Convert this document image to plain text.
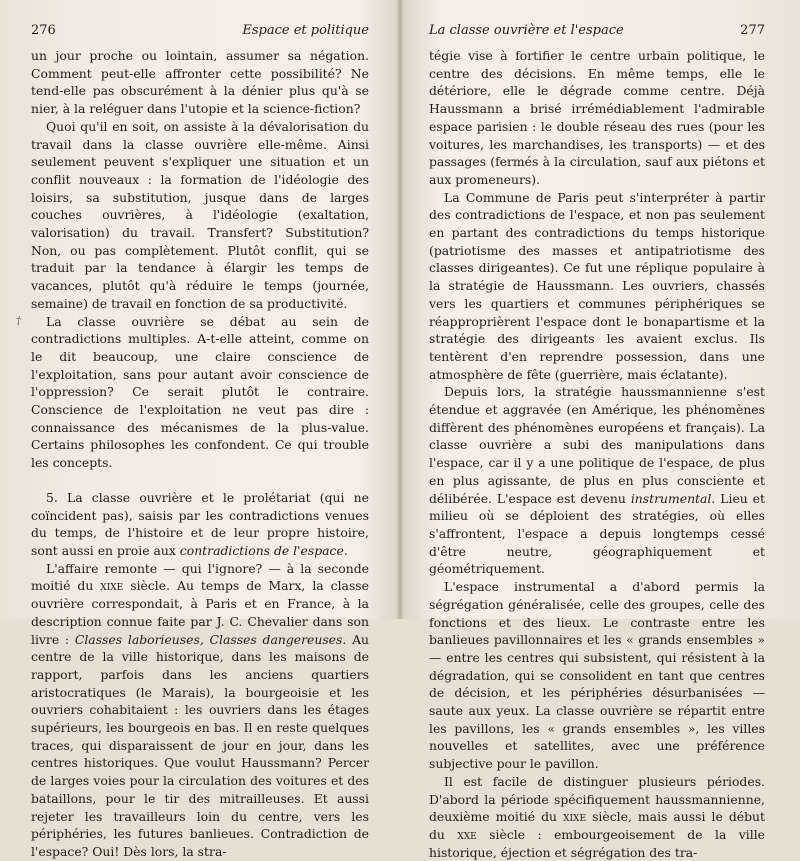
276	Espace et politique

un jour proche ou lointain, assumer sa négation. Comment peut-elle affronter cette possibilité? Ne tend-elle pas obscurément à la dénier plus qu'à se nier, à la reléguer dans l'utopie et la science-fiction?

Quoi qu'il en soit, on assiste à la dévalorisation du travail dans la classe ouvrière elle-même. Ainsi seulement peuvent s'expliquer une situation et un conflit nouveaux : la formation de l'idéologie des loisirs, sa substitution, jusque dans de larges couches ouvrières, à l'idéologie (exaltation, valorisation) du travail. Transfert? Substitution? Non, ou pas complètement. Plutôt conflit, qui se traduit par la tendance à élargir les temps de vacances, plutôt qu'à réduire le temps (journée, semaine) de travail en fonction de sa productivité.

La classe ouvrière se débat au sein de contradictions multiples. A-t-elle atteint, comme on le dit beaucoup, une claire conscience de l'exploitation, sans pour autant avoir conscience de l'oppression? Ce serait plutôt le contraire. Conscience de l'exploitation ne veut pas dire : connaissance des mécanismes de la plus-value. Certains philosophes les confondent. Ce qui trouble les concepts.

5. La classe ouvrière et le prolétariat (qui ne coïncident pas), saisis par les contradictions venues du temps, de l'histoire et de leur propre histoire, sont aussi en proie aux contradictions de l'espace.

L'affaire remonte — qui l'ignore? — à la seconde moitié du xixe siècle. Au temps de Marx, la classe ouvrière correspondait, à Paris et en France, à la description connue faite par J. C. Chevalier dans son livre : Classes laborieuses, Classes dangereuses. Au centre de la ville historique, dans les maisons de rapport, parfois dans les anciens quartiers aristocratiques (le Marais), la bourgeoisie et les ouvriers cohabitaient : les ouvriers dans les étages supérieurs, les bourgeois en bas. Il en reste quelques traces, qui disparaissent de jour en jour, dans les centres historiques. Que voulut Haussmann? Percer de larges voies pour la circulation des voitures et des bataillons, pour le tir des mitrailleuses. Et aussi rejeter les travailleurs loin du centre, vers les périphéries, les futures banlieues. Contradiction de l'espace? Oui! Dès lors, la stra-

†
La classe ouvrière et l'espace	277

tégie vise à fortifier le centre urbain politique, le centre des décisions. En même temps, elle le détériore, elle le dégrade comme centre. Déjà Haussmann a brisé irrémédiablement l'admirable espace parisien : le double réseau des rues (pour les voitures, les marchandises, les transports) — et des passages (fermés à la circulation, sauf aux piétons et aux promeneurs).

La Commune de Paris peut s'interpréter à partir des contradictions de l'espace, et non pas seulement en partant des contradictions du temps historique (patriotisme des masses et antipatriotisme des classes dirigeantes). Ce fut une réplique populaire à la stratégie de Haussmann. Les ouvriers, chassés vers les quartiers et communes périphériques se réapproprièrent l'espace dont le bonapartisme et la stratégie des dirigeants les avaient exclus. Ils tentèrent d'en reprendre possession, dans une atmosphère de fête (guerrière, mais éclatante).

Depuis lors, la stratégie haussmannienne s'est étendue et aggravée (en Amérique, les phénomènes diffèrent des phénomènes européens et français). La classe ouvrière a subi des manipulations dans l'espace, car il y a une politique de l'espace, de plus en plus agissante, de plus en plus consciente et délibérée. L'espace est devenu instrumental. Lieu et milieu où se déploient des stratégies, où elles s'affrontent, l'espace a depuis longtemps cessé d'être neutre, géographiquement et géométriquement.

L'espace instrumental a d'abord permis la ségrégation généralisée, celle des groupes, celle des fonctions et des lieux. Le contraste entre les banlieues pavillonnaires et les « grands ensembles » — entre les centres qui subsistent, qui résistent à la dégradation, qui se consolident en tant que centres de décision, et les périphéries désurbanisées — saute aux yeux. La classe ouvrière se répartit entre les pavillons, les « grands ensembles », les villes nouvelles et satellites, avec une préférence subjective pour le pavillon.

Il est facile de distinguer plusieurs périodes. D'abord la période spécifiquement haussmannienne, deuxième moitié du xixe siècle, mais aussi le début du xxe siècle : embourgeoisement de la ville historique, éjection et ségrégation des tra-
